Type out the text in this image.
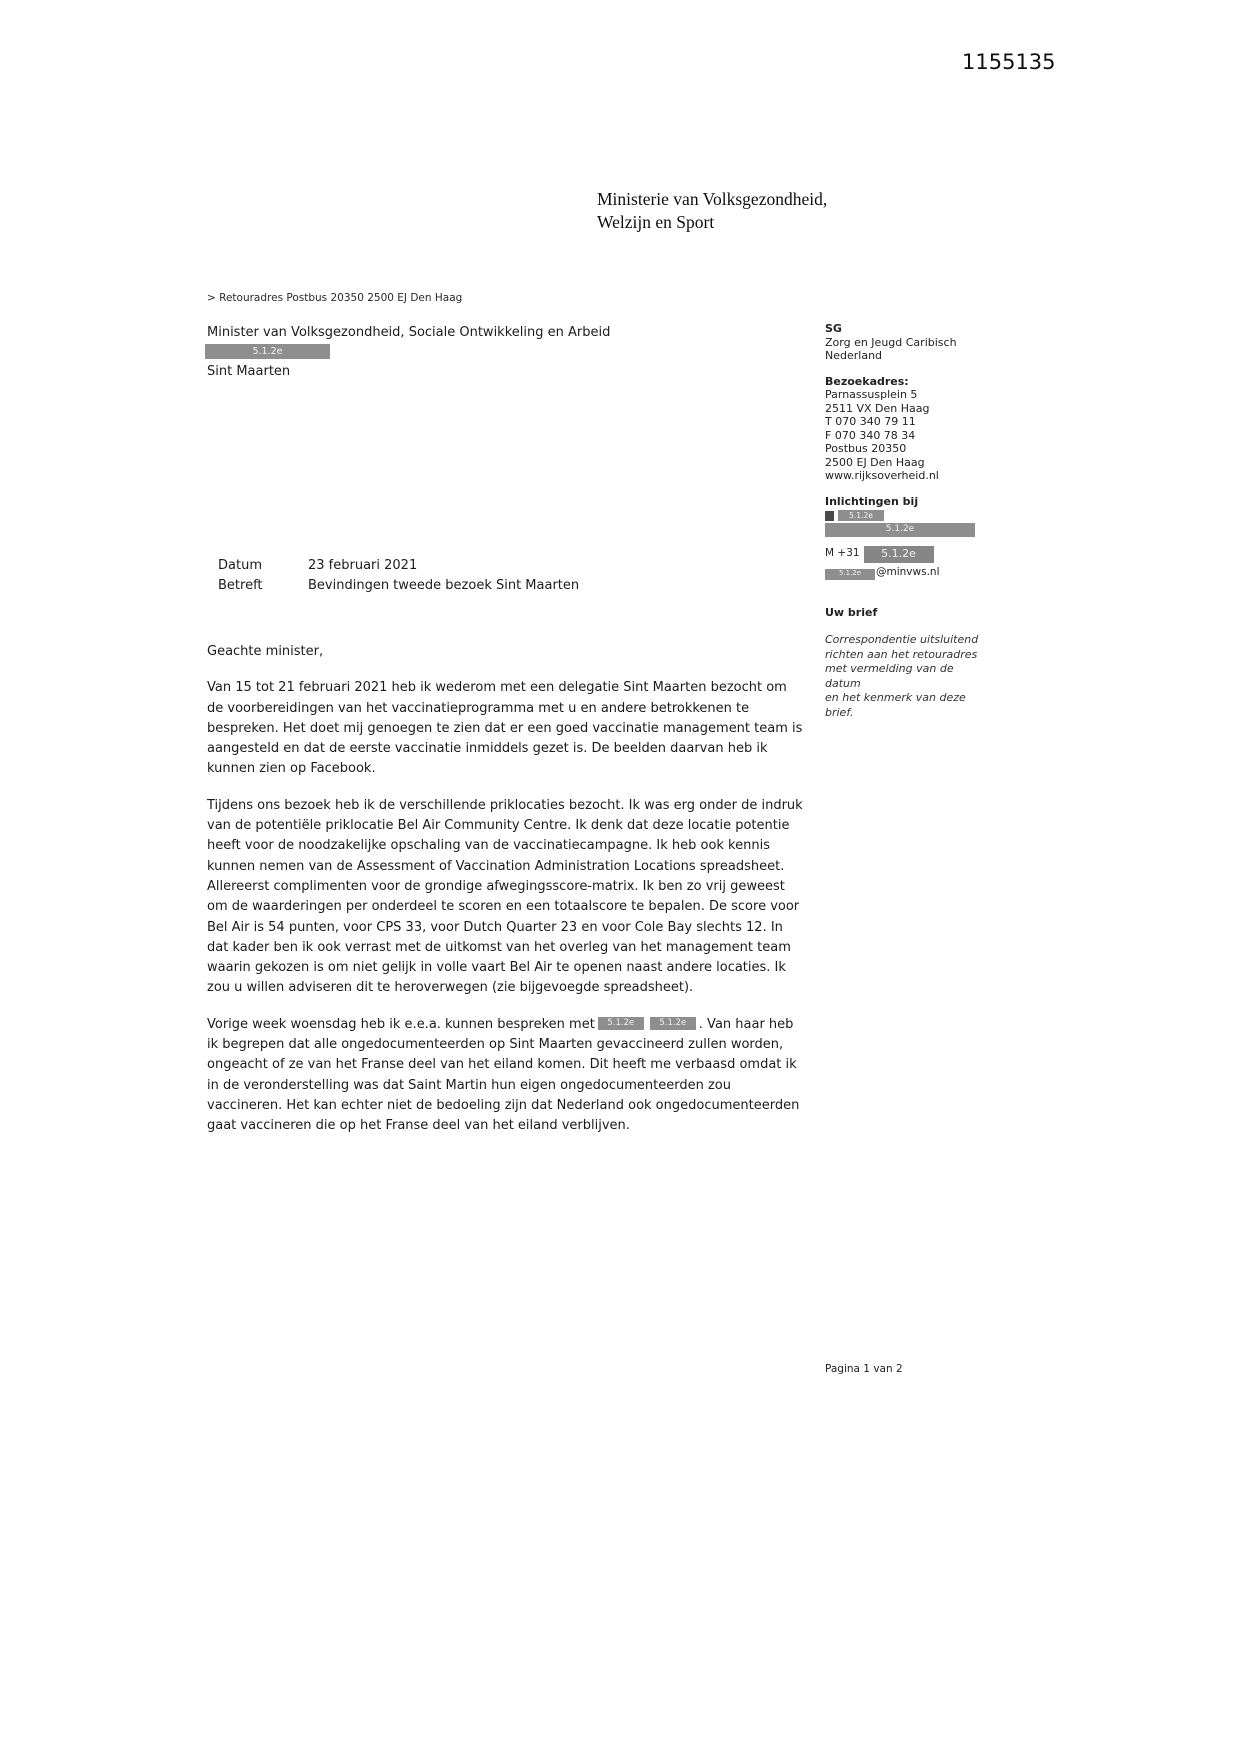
1155135
Ministerie van Volksgezondheid,
Welzijn en Sport
> Retouradres Postbus 20350 2500 EJ Den Haag
Minister van Volksgezondheid, Sociale Ontwikkeling en Arbeid
5.1.2e
Sint Maarten
SG
Zorg en Jeugd Caribisch
Nederland
Bezoekadres:
Parnassusplein 5
2511 VX Den Haag
T 070 340 79 11
F 070 340 78 34
Postbus 20350
2500 EJ Den Haag
www.rijksoverheid.nl
Inlichtingen bij
5.1.2e
5.1.2e
M +31	5.1.2e
5.1.2e	@minvws.nl
Uw brief
Correspondentie uitsluitend
richten aan het retouradres
met vermelding van de datum
en het kenmerk van deze
brief.
Datum	23 februari 2021
Betreft	Bevindingen tweede bezoek Sint Maarten

Geachte minister,

Van 15 tot 21 februari 2021 heb ik wederom met een delegatie Sint Maarten bezocht om de voorbereidingen van het vaccinatieprogramma met u en andere betrokkenen te bespreken. Het doet mij genoegen te zien dat er een goed vaccinatie management team is aangesteld en dat de eerste vaccinatie inmiddels gezet is. De beelden daarvan heb ik kunnen zien op Facebook.

Tijdens ons bezoek heb ik de verschillende priklocaties bezocht. Ik was erg onder de indruk van de potentiële priklocatie Bel Air Community Centre. Ik denk dat deze locatie potentie heeft voor de noodzakelijke opschaling van de vaccinatiecampagne. Ik heb ook kennis kunnen nemen van de Assessment of Vaccination Administration Locations spreadsheet. Allereerst complimenten voor de grondige afwegingsscore-matrix. Ik ben zo vrij geweest om de waarderingen per onderdeel te scoren en een totaalscore te bepalen. De score voor Bel Air is 54 punten, voor CPS 33, voor Dutch Quarter 23 en voor Cole Bay slechts 12. In dat kader ben ik ook verrast met de uitkomst van het overleg van het management team waarin gekozen is om niet gelijk in volle vaart Bel Air te openen naast andere locaties. Ik zou u willen adviseren dit te heroverwegen (zie bijgevoegde spreadsheet).

Vorige week woensdag heb ik e.e.a. kunnen bespreken met 5.1.2e	5.1.2e . Van haar heb ik begrepen dat alle ongedocumenteerden op Sint Maarten gevaccineerd zullen worden, ongeacht of ze van het Franse deel van het eiland komen. Dit heeft me verbaasd omdat ik in de veronderstelling was dat Saint Martin hun eigen ongedocumenteerden zou vaccineren. Het kan echter niet de bedoeling zijn dat Nederland ook ongedocumenteerden gaat vaccineren die op het Franse deel van het eiland verblijven.

Pagina 1 van 2
